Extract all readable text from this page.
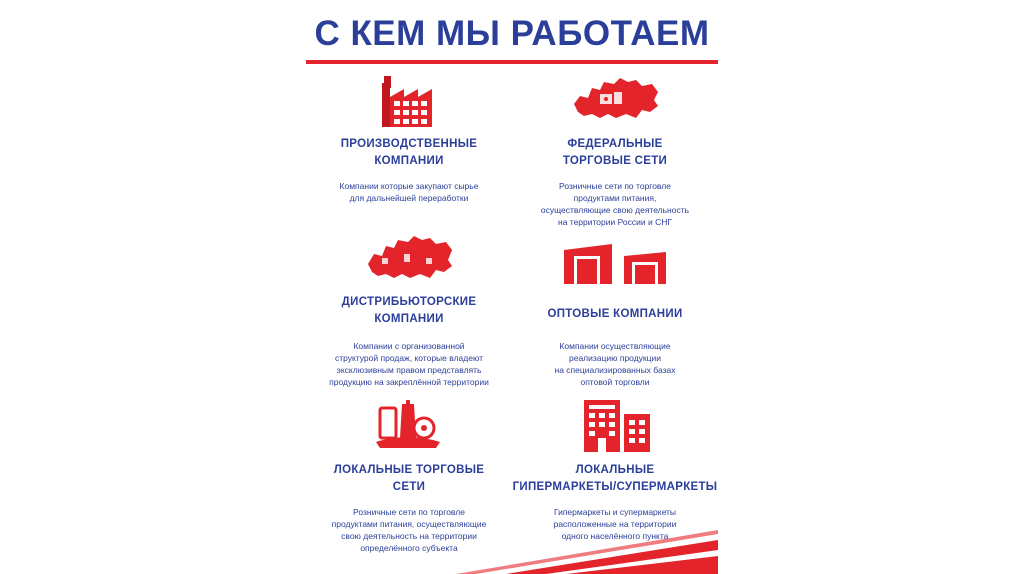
С КЕМ МЫ РАБОТАЕМ
ПРОИЗВОДСТВЕННЫЕ
КОМПАНИИ
Компании которые закупают сырье
для дальнейшей переработки
ФЕДЕРАЛЬНЫЕ
ТОРГОВЫЕ СЕТИ
Розничные сети по торговле
продуктами питания,
осуществляющие свою деятельность
на территории России и СНГ
ДИСТРИБЬЮТОРСКИЕ
КОМПАНИИ
Компании с организованной
структурой продаж, которые владеют
эксклюзивным правом представлять
продукцию на закреплённой территории
ОПТОВЫЕ КОМПАНИИ
Компании осуществляющие
реализацию продукции
на специализированных базах
оптовой торговли
ЛОКАЛЬНЫЕ ТОРГОВЫЕ
СЕТИ
Розничные сети по торговле
продуктами питания, осуществляющие
свою деятельность на территории
определённого субъекта
ЛОКАЛЬНЫЕ
ГИПЕРМАРКЕТЫ/СУПЕРМАРКЕТЫ
Гипермаркеты и супермаркеты
расположенные на территории
одного населённого пункта
